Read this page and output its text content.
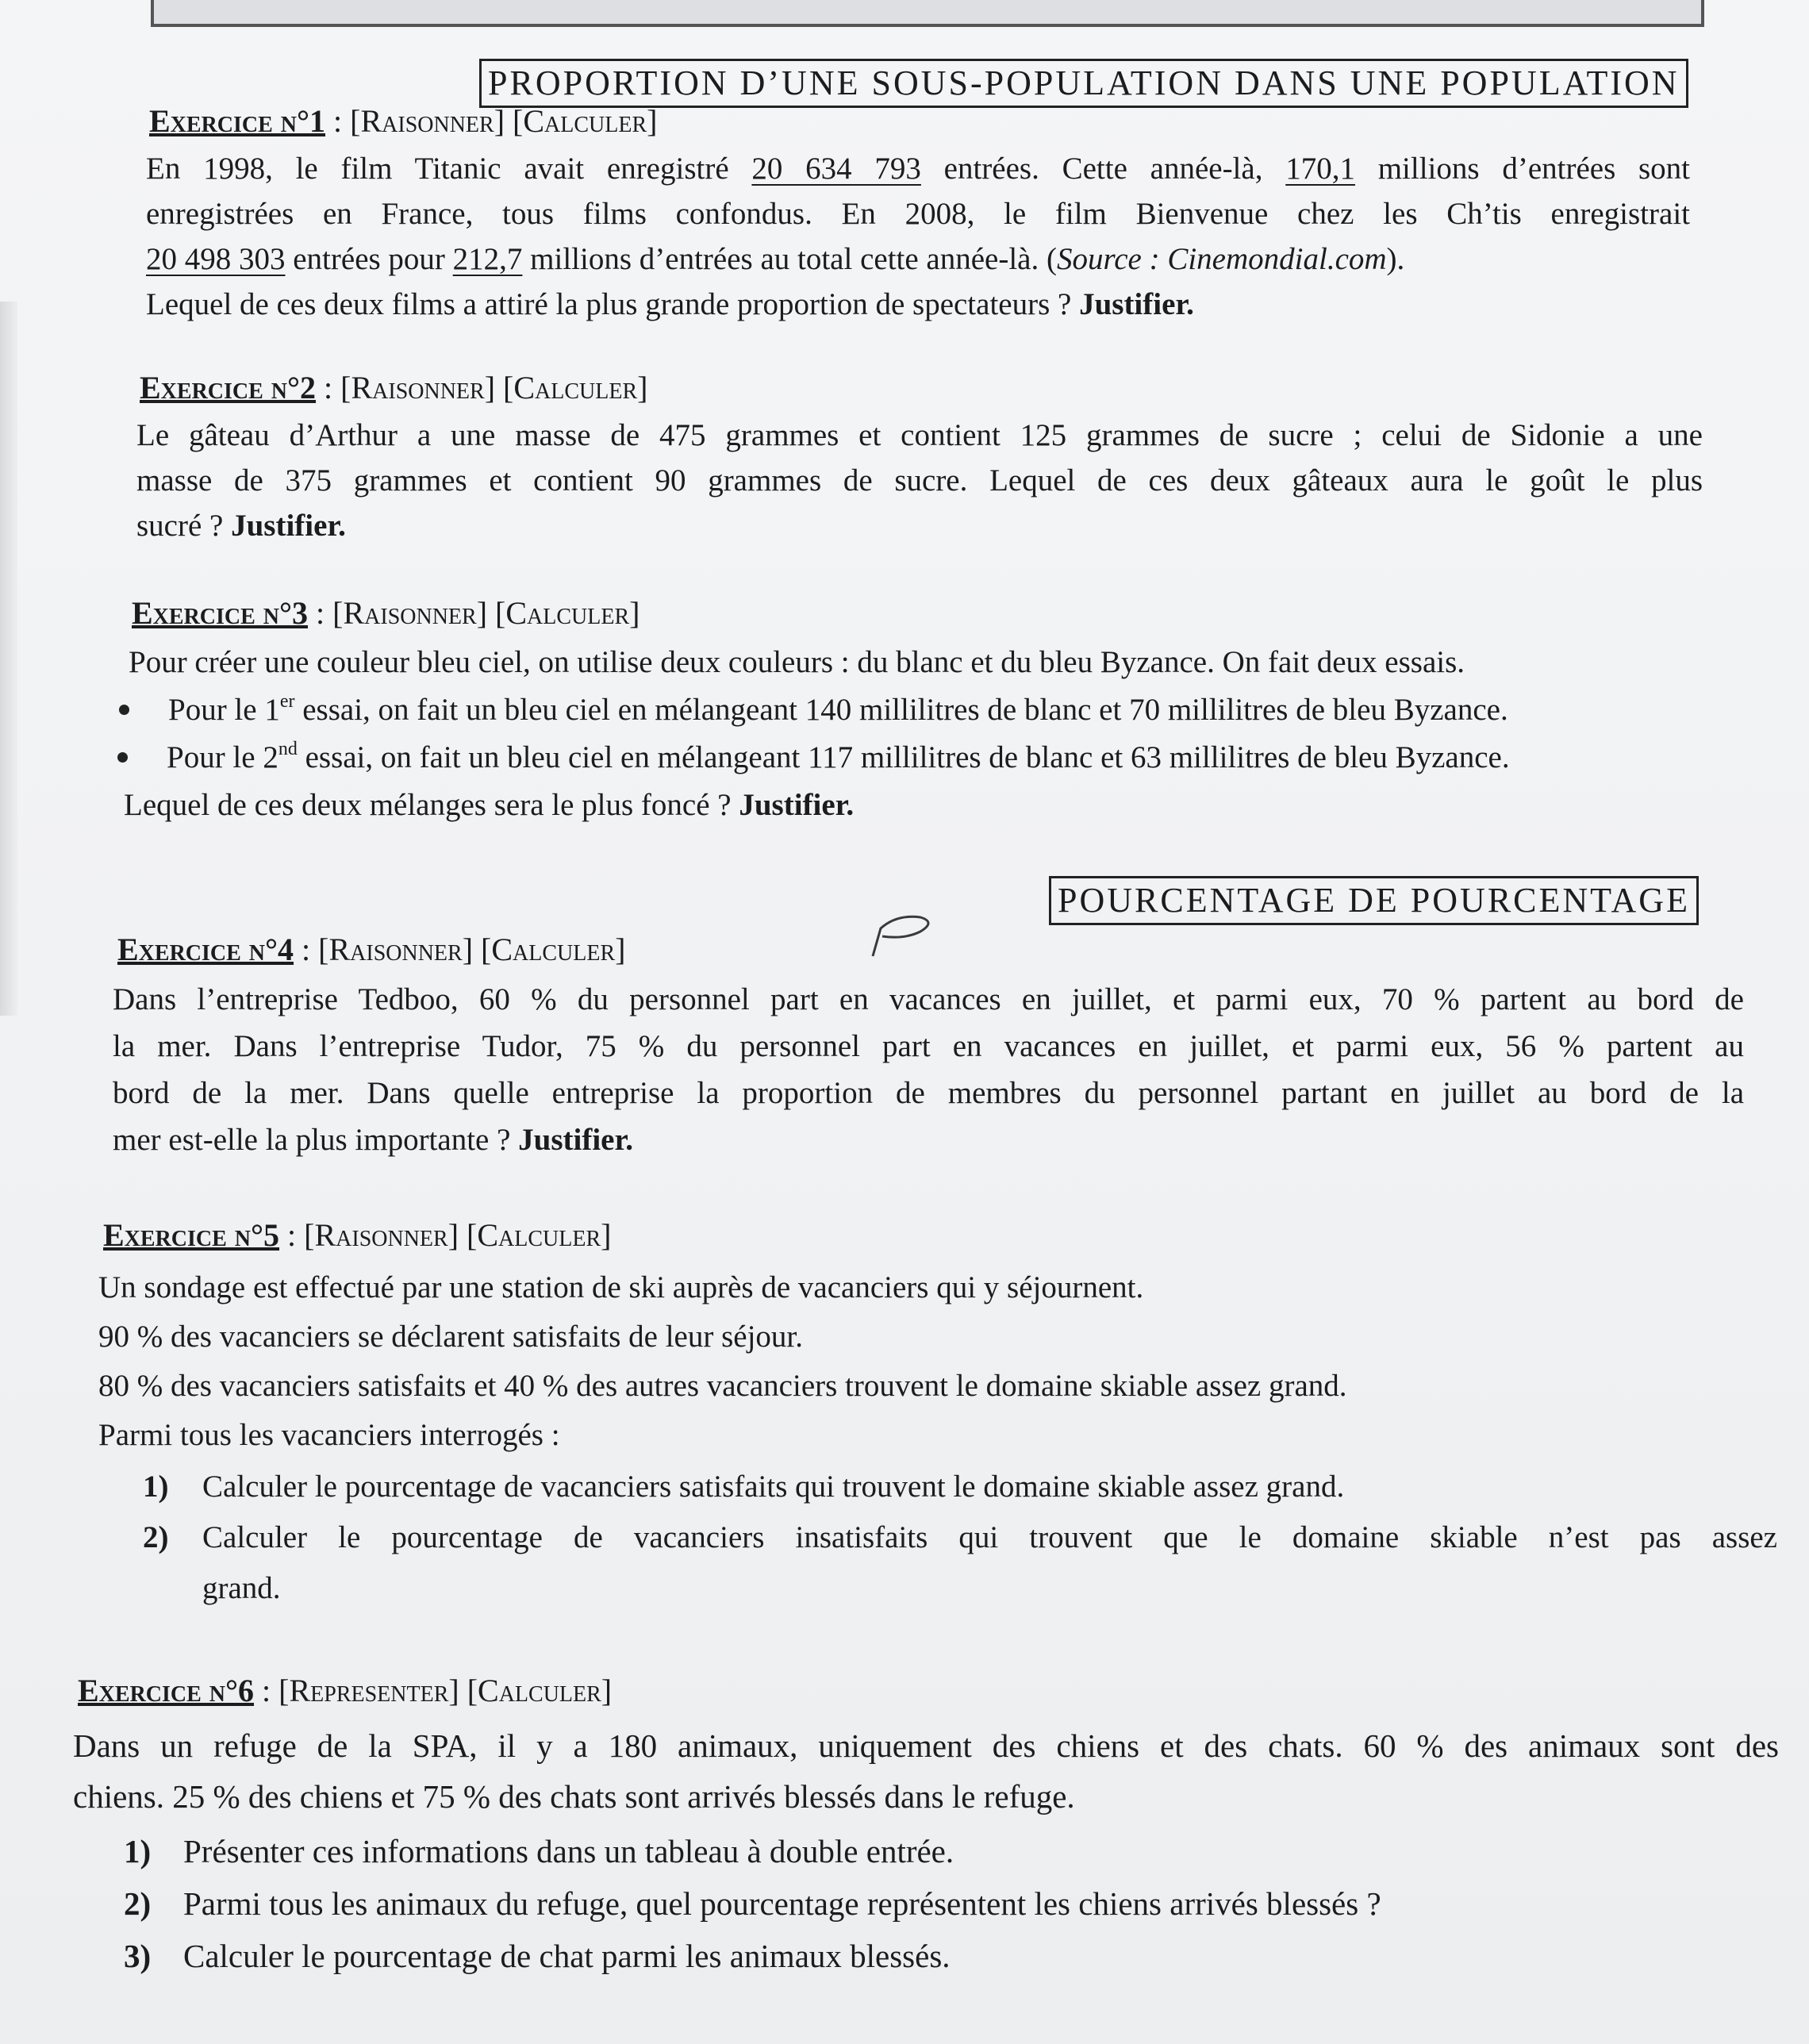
PROPORTION D’UNE SOUS-POPULATION DANS UNE POPULATION
Exercice n°1 : [Raisonner] [Calculer]
En 1998, le film Titanic avait enregistré 20 634 793 entrées. Cette année-là, 170,1 millions d’entrées sont
enregistrées en France, tous films confondus. En 2008, le film Bienvenue chez les Ch’tis enregistrait
20 498 303 entrées pour 212,7 millions d’entrées au total cette année-là. (Source : Cinemondial.com).
Lequel de ces deux films a attiré la plus grande proportion de spectateurs ? Justifier.
Exercice n°2 : [Raisonner] [Calculer]
Le gâteau d’Arthur a une masse de 475 grammes et contient 125 grammes de sucre ; celui de Sidonie a une
masse de 375 grammes et contient 90 grammes de sucre. Lequel de ces deux gâteaux aura le goût le plus
sucré ? Justifier.
Exercice n°3 : [Raisonner] [Calculer]
Pour créer une couleur bleu ciel, on utilise deux couleurs : du blanc et du bleu Byzance. On fait deux essais.
Pour le 1er essai, on fait un bleu ciel en mélangeant 140 millilitres de blanc et 70 millilitres de bleu Byzance.
Pour le 2nd essai, on fait un bleu ciel en mélangeant 117 millilitres de blanc et 63 millilitres de bleu Byzance.
Lequel de ces deux mélanges sera le plus foncé ? Justifier.
POURCENTAGE DE POURCENTAGE
Exercice n°4 : [Raisonner] [Calculer]
Dans l’entreprise Tedboo, 60 % du personnel part en vacances en juillet, et parmi eux, 70 % partent au bord de
la mer. Dans l’entreprise Tudor, 75 % du personnel part en vacances en juillet, et parmi eux, 56 % partent au
bord de la mer. Dans quelle entreprise la proportion de membres du personnel partant en juillet au bord de la
mer est-elle la plus importante ? Justifier.
Exercice n°5 : [Raisonner] [Calculer]
Un sondage est effectué par une station de ski auprès de vacanciers qui y séjournent.
90 % des vacanciers se déclarent satisfaits de leur séjour.
80 % des vacanciers satisfaits et 40 % des autres vacanciers trouvent le domaine skiable assez grand.
Parmi tous les vacanciers interrogés :
1) Calculer le pourcentage de vacanciers satisfaits qui trouvent le domaine skiable assez grand.
2) Calculer le pourcentage de vacanciers insatisfaits qui trouvent que le domaine skiable n’est pas assez
grand.
Exercice n°6 : [Representer] [Calculer]
Dans un refuge de la SPA, il y a 180 animaux, uniquement des chiens et des chats. 60 % des animaux sont des
chiens. 25 % des chiens et 75 % des chats sont arrivés blessés dans le refuge.
1) Présenter ces informations dans un tableau à double entrée.
2) Parmi tous les animaux du refuge, quel pourcentage représentent les chiens arrivés blessés ?
3) Calculer le pourcentage de chat parmi les animaux blessés.
